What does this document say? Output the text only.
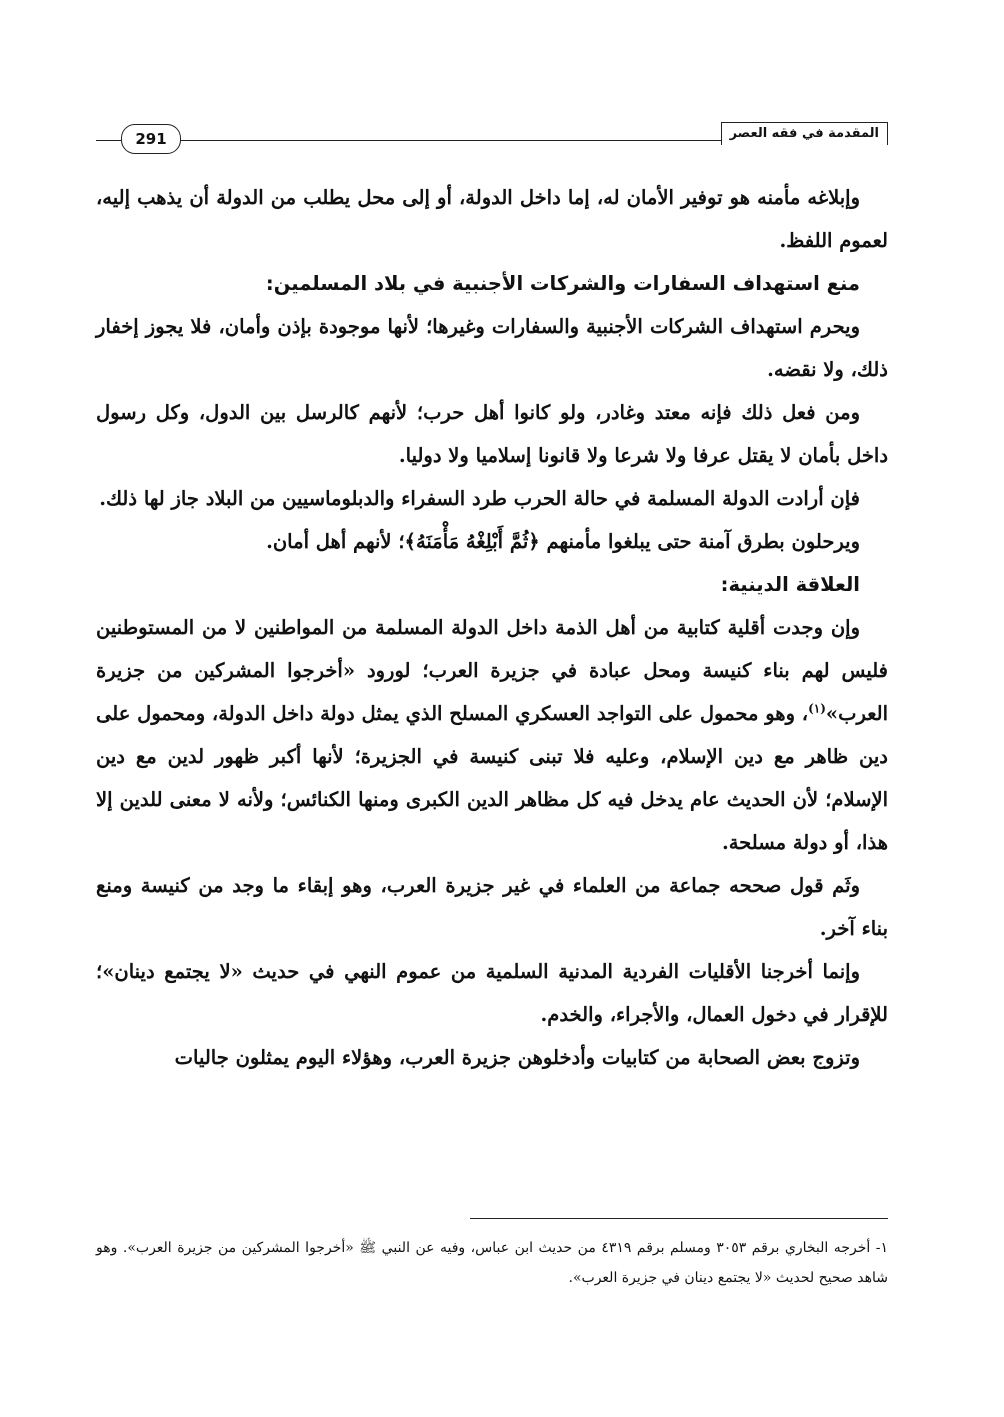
المقدمة في فقه العصر
291

وإبلاغه مأمنه هو توفير الأمان له، إما داخل الدولة، أو إلى محل يطلب من الدولة أن يذهب إليه، لعموم اللفظ.

منع استهداف السفارات والشركات الأجنبية في بلاد المسلمين:

ويحرم استهداف الشركات الأجنبية والسفارات وغيرها؛ لأنها موجودة بإذن وأمان، فلا يجوز إخفار ذلك، ولا نقضه.

ومن فعل ذلك فإنه معتد وغادر، ولو كانوا أهل حرب؛ لأنهم كالرسل بين الدول، وكل رسول داخل بأمان لا يقتل عرفا ولا شرعا ولا قانونا إسلاميا ولا دوليا.

فإن أرادت الدولة المسلمة في حالة الحرب طرد السفراء والدبلوماسيين من البلاد جاز لها ذلك.

ويرحلون بطرق آمنة حتى يبلغوا مأمنهم ﴿ثُمَّ أَبْلِغْهُ مَأْمَنَهُ﴾؛ لأنهم أهل أمان.

العلاقة الدينية:

وإن وجدت أقلية كتابية من أهل الذمة داخل الدولة المسلمة من المواطنين لا من المستوطنين فليس لهم بناء كنيسة ومحل عبادة في جزيرة العرب؛ لورود «أخرجوا المشركين من جزيرة العرب»$^{(١)}$، وهو محمول على التواجد العسكري المسلح الذي يمثل دولة داخل الدولة، ومحمول على دين ظاهر مع دين الإسلام، وعليه فلا تبنى كنيسة في الجزيرة؛ لأنها أكبر ظهور لدين مع دين الإسلام؛ لأن الحديث عام يدخل فيه كل مظاهر الدين الكبرى ومنها الكنائس؛ ولأنه لا معنى للدين إلا هذا، أو دولة مسلحة.

وثَم قول صححه جماعة من العلماء في غير جزيرة العرب، وهو إبقاء ما وجد من كنيسة ومنع بناء آخر.

وإنما أخرجنا الأقليات الفردية المدنية السلمية من عموم النهي في حديث «لا يجتمع دينان»؛ للإقرار في دخول العمال، والأجراء، والخدم.

وتزوج بعض الصحابة من كتابيات وأدخلوهن جزيرة العرب، وهؤلاء اليوم يمثلون جاليات

١- أخرجه البخاري برقم ٣٠٥٣ ومسلم برقم ٤٣١٩ من حديث ابن عباس، وفيه عن النبي ﷺ «أخرجوا المشركين من جزيرة العرب». وهو شاهد صحيح لحديث «لا يجتمع دينان في جزيرة العرب».
